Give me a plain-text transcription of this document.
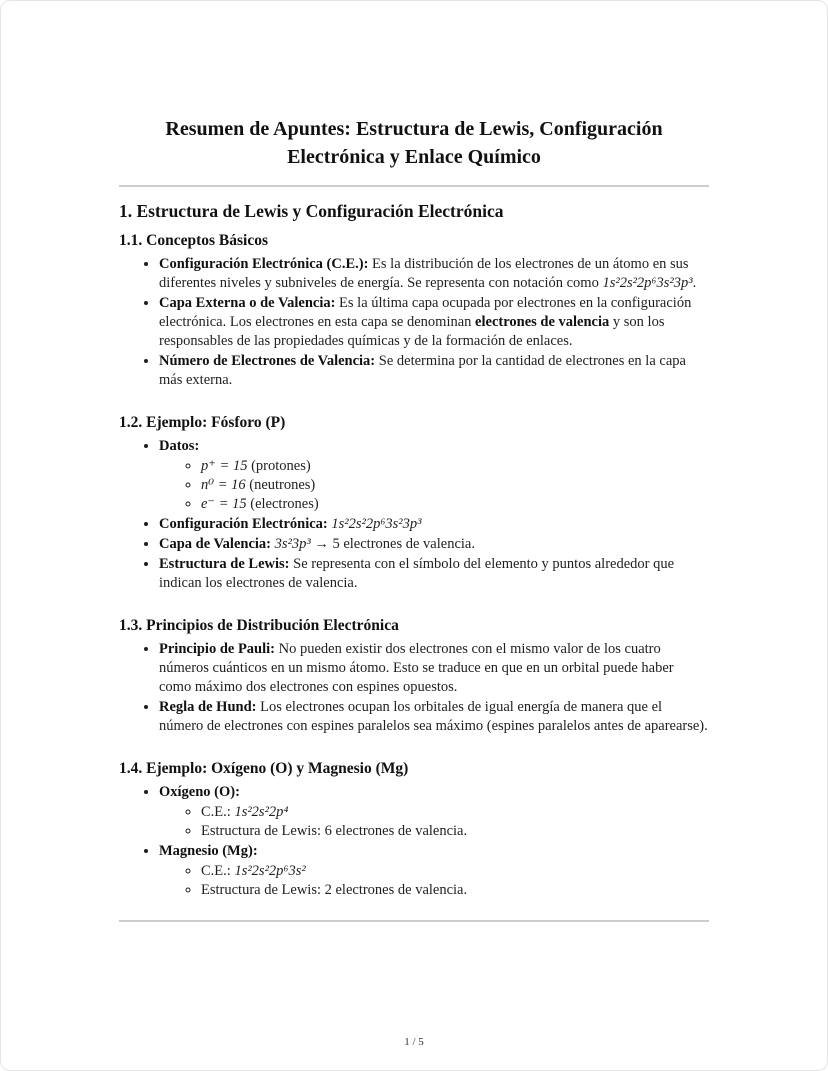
Resumen de Apuntes: Estructura de Lewis, Configuración Electrónica y Enlace Químico
1. Estructura de Lewis y Configuración Electrónica
1.1. Conceptos Básicos
• Configuración Electrónica (C.E.): Es la distribución de los electrones de un átomo en sus diferentes niveles y subniveles de energía. Se representa con notación como 1s²2s²2p⁶3s²3p³.
• Capa Externa o de Valencia: Es la última capa ocupada por electrones en la configuración electrónica. Los electrones en esta capa se denominan electrones de valencia y son los responsables de las propiedades químicas y de la formación de enlaces.
• Número de Electrones de Valencia: Se determina por la cantidad de electrones en la capa más externa.
1.2. Ejemplo: Fósforo (P)
• Datos:
◦ p⁺ = 15 (protones)
◦ n⁰ = 16 (neutrones)
◦ e⁻ = 15 (electrones)
• Configuración Electrónica: 1s²2s²2p⁶3s²3p³
• Capa de Valencia: 3s²3p³ → 5 electrones de valencia.
• Estructura de Lewis: Se representa con el símbolo del elemento y puntos alrededor que indican los electrones de valencia.
1.3. Principios de Distribución Electrónica
• Principio de Pauli: No pueden existir dos electrones con el mismo valor de los cuatro números cuánticos en un mismo átomo. Esto se traduce en que en un orbital puede haber como máximo dos electrones con espines opuestos.
• Regla de Hund: Los electrones ocupan los orbitales de igual energía de manera que el número de electrones con espines paralelos sea máximo (espines paralelos antes de aparearse).
1.4. Ejemplo: Oxígeno (O) y Magnesio (Mg)
• Oxígeno (O):
◦ C.E.: 1s²2s²2p⁴
◦ Estructura de Lewis: 6 electrones de valencia.
• Magnesio (Mg):
◦ C.E.: 1s²2s²2p⁶3s²
◦ Estructura de Lewis: 2 electrones de valencia.
1 / 5
